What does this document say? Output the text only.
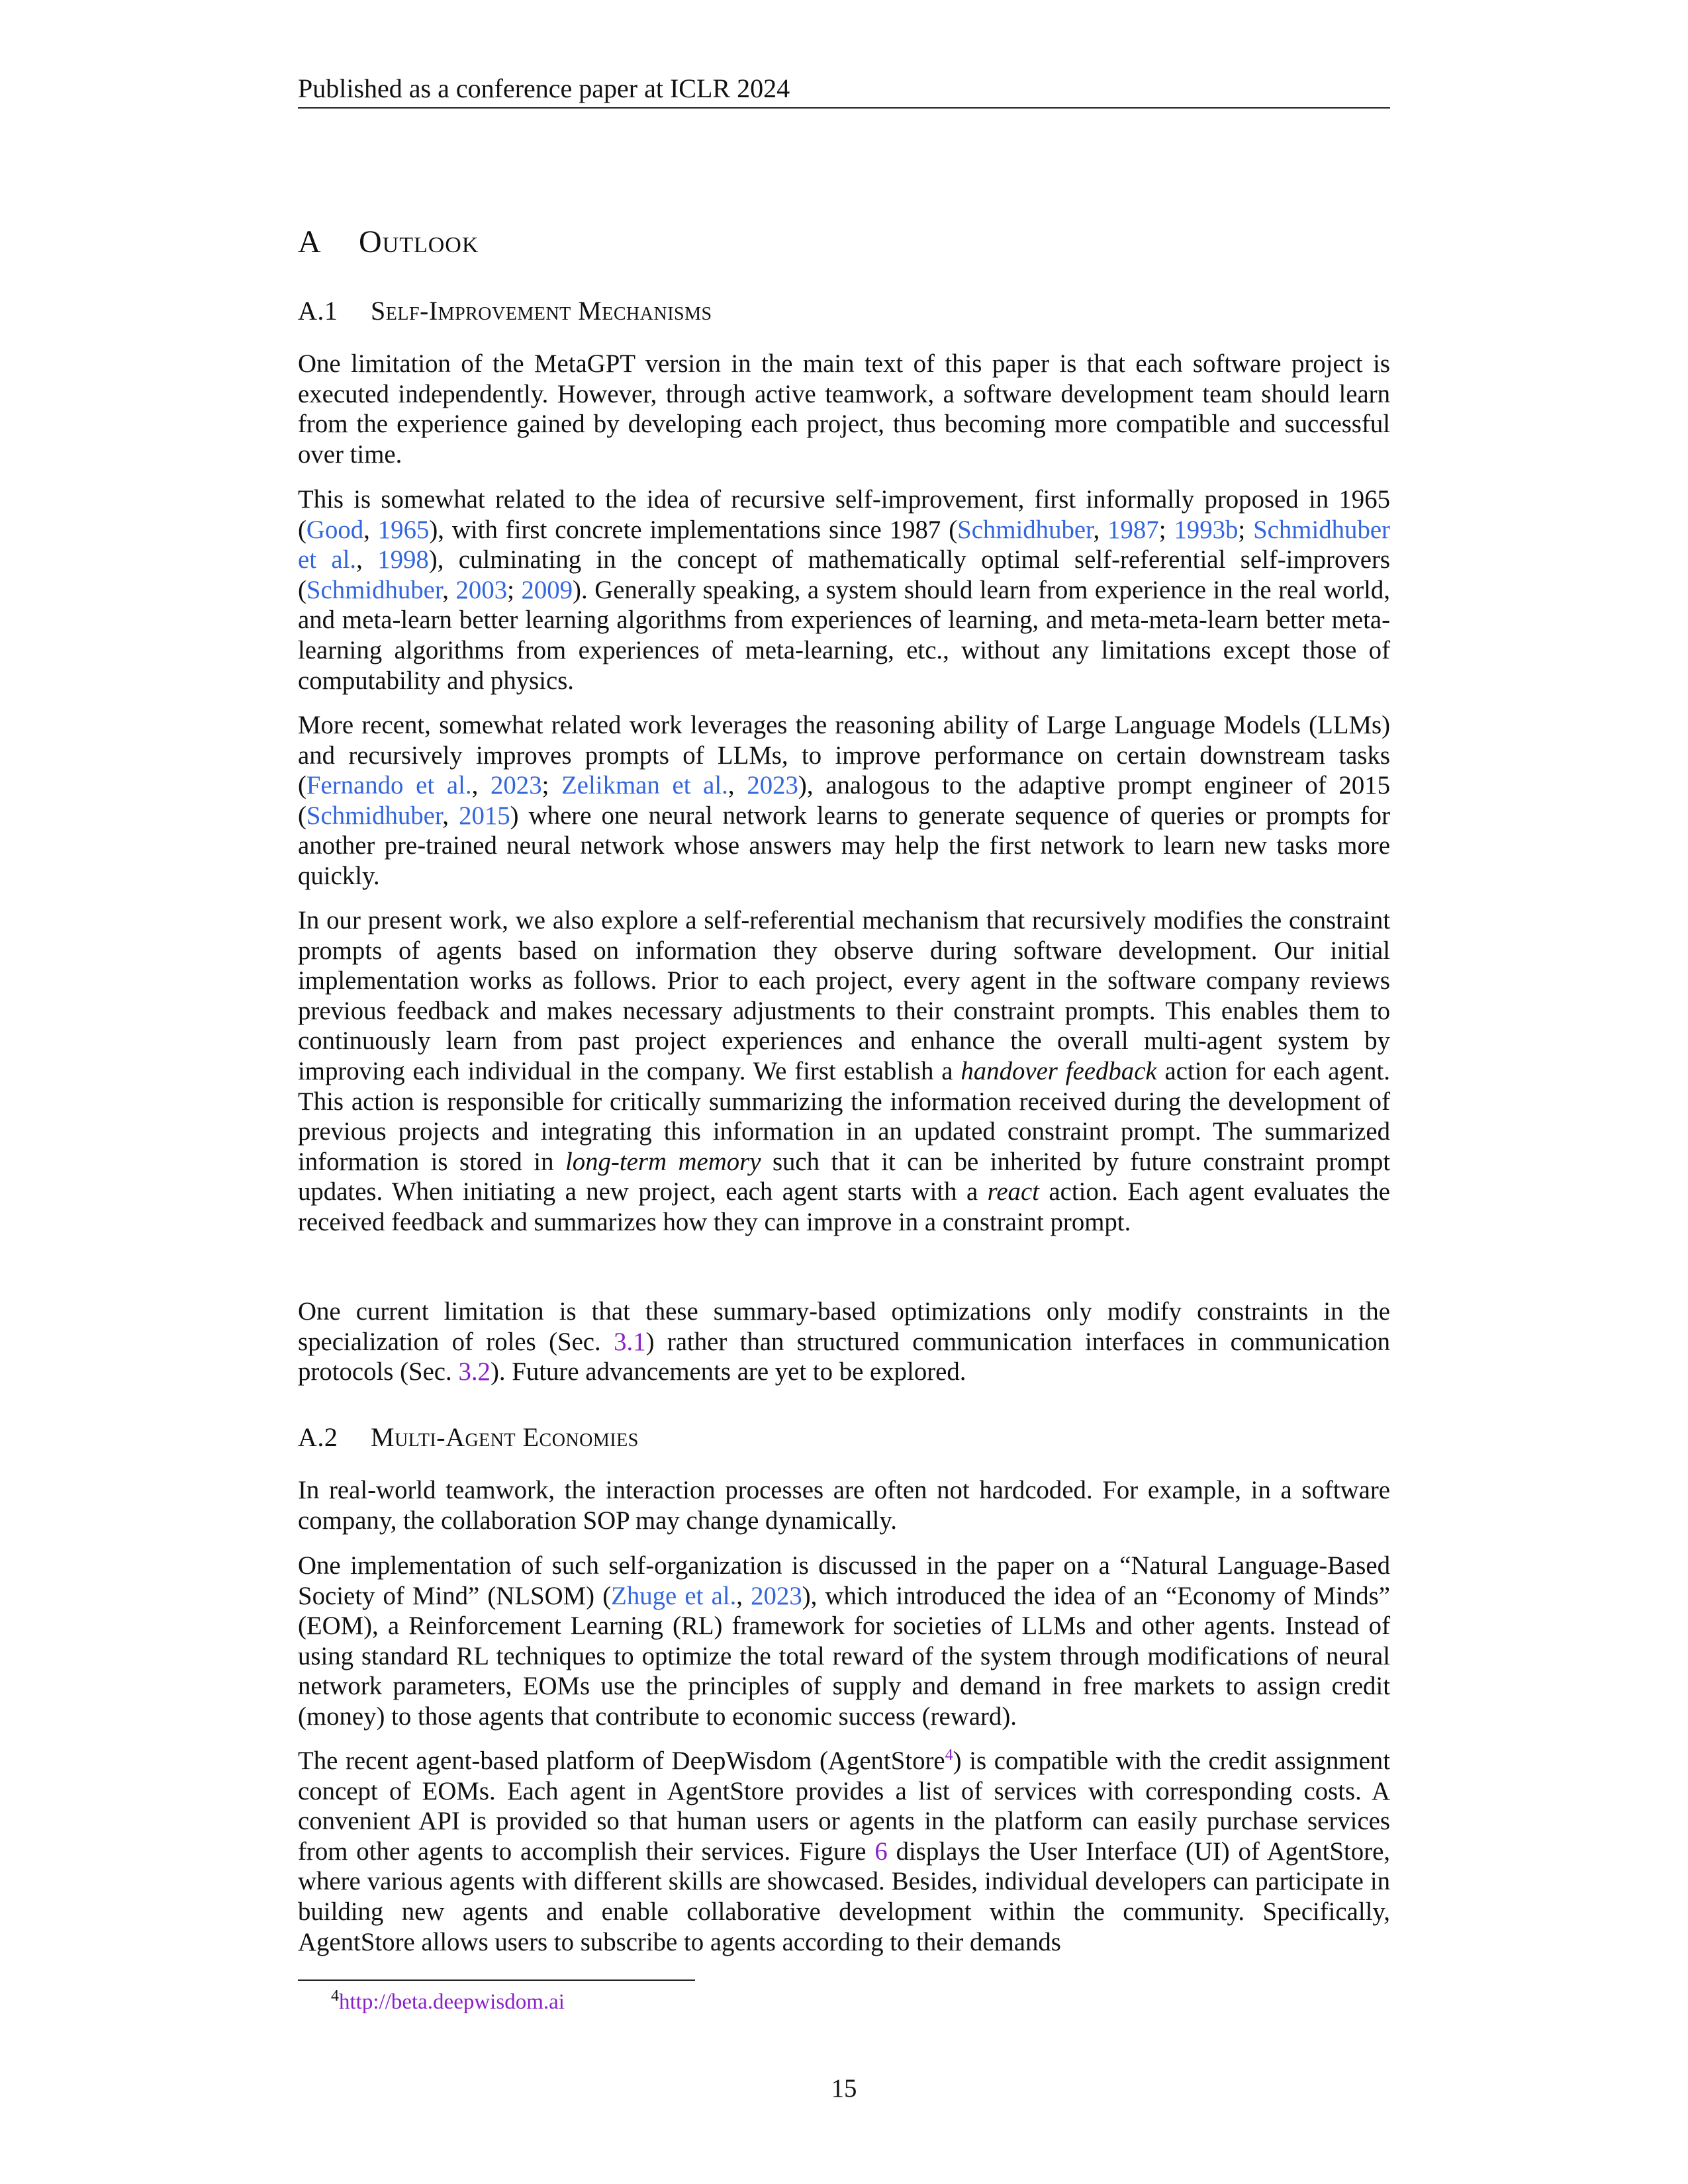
Published as a conference paper at ICLR 2024
A Outlook
A.1 Self-Improvement Mechanisms

One limitation of the MetaGPT version in the main text of this paper is that each software project is executed independently. However, through active teamwork, a software development team should learn from the experience gained by developing each project, thus becoming more compatible and successful over time.

This is somewhat related to the idea of recursive self-improvement, first informally proposed in 1965 (Good, 1965), with first concrete implementations since 1987 (Schmidhuber, 1987; 1993b; Schmidhuber et al., 1998), culminating in the concept of mathematically optimal self-referential self-improvers (Schmidhuber, 2003; 2009). Generally speaking, a system should learn from experience in the real world, and meta-learn better learning algorithms from experiences of learning, and meta-meta-learn better meta-learning algorithms from experiences of meta-learning, etc., without any limitations except those of computability and physics.

More recent, somewhat related work leverages the reasoning ability of Large Language Models (LLMs) and recursively improves prompts of LLMs, to improve performance on certain downstream tasks (Fernando et al., 2023; Zelikman et al., 2023), analogous to the adaptive prompt engineer of 2015 (Schmidhuber, 2015) where one neural network learns to generate sequence of queries or prompts for another pre-trained neural network whose answers may help the first network to learn new tasks more quickly.

In our present work, we also explore a self-referential mechanism that recursively modifies the constraint prompts of agents based on information they observe during software development. Our initial implementation works as follows. Prior to each project, every agent in the software company reviews previous feedback and makes necessary adjustments to their constraint prompts. This enables them to continuously learn from past project experiences and enhance the overall multi-agent system by improving each individual in the company. We first establish a handover feedback action for each agent. This action is responsible for critically summarizing the information received during the development of previous projects and integrating this information in an updated constraint prompt. The summarized information is stored in long-term memory such that it can be inherited by future constraint prompt updates. When initiating a new project, each agent starts with a react action. Each agent evaluates the received feedback and summarizes how they can improve in a constraint prompt.

One current limitation is that these summary-based optimizations only modify constraints in the specialization of roles (Sec. 3.1) rather than structured communication interfaces in communication protocols (Sec. 3.2). Future advancements are yet to be explored.

A.2 Multi-Agent Economies

In real-world teamwork, the interaction processes are often not hardcoded. For example, in a software company, the collaboration SOP may change dynamically.

One implementation of such self-organization is discussed in the paper on a “Natural Language-Based Society of Mind” (NLSOM) (Zhuge et al., 2023), which introduced the idea of an “Economy of Minds” (EOM), a Reinforcement Learning (RL) framework for societies of LLMs and other agents. Instead of using standard RL techniques to optimize the total reward of the system through modifications of neural network parameters, EOMs use the principles of supply and demand in free markets to assign credit (money) to those agents that contribute to economic success (reward).

The recent agent-based platform of DeepWisdom (AgentStore$^4$) is compatible with the credit assignment concept of EOMs. Each agent in AgentStore provides a list of services with corresponding costs. A convenient API is provided so that human users or agents in the platform can easily purchase services from other agents to accomplish their services. Figure 6 displays the User Interface (UI) of AgentStore, where various agents with different skills are showcased. Besides, individual developers can participate in building new agents and enable collaborative development within the community. Specifically, AgentStore allows users to subscribe to agents according to their demands

$^4$http://beta.deepwisdom.ai
15
